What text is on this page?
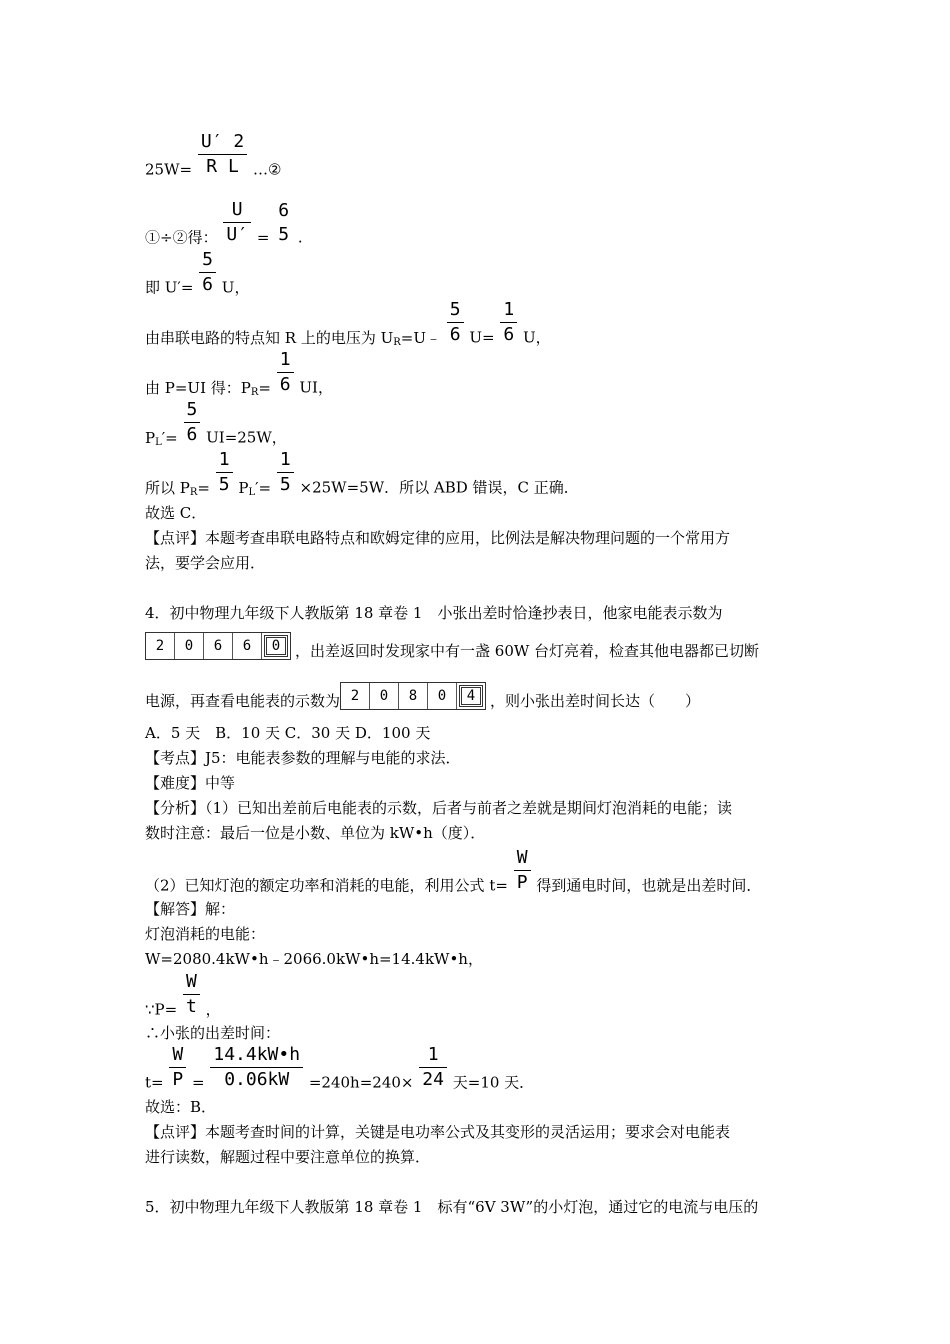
$25W= \frac{U' 2}{\text{R L}}$ …②
①÷②得： $\frac{U}{U'}$ =
6
5 .
即 $U'= \frac{5}{6}$ U，
由串联电路的特点知 R 上的电压为 $U_R=U﹣ \frac{5}{6} U= \frac{1}{6}$ U，
由 P=UI 得：$P_R= \frac{1}{6}$ UI，
$P_L'= \frac{5}{6} UI=25W$，
所以 $P_R= \frac{1}{5} P_L'= \frac{1}{5} \times 25W=5W$．所以 ABD 错误，C 正确．
故选 C．
【点评】本题考查串联电路特点和欧姆定律的应用，比例法是解决物理问题的一个常用方
法，要学会应用．
4．初中物理九年级下人教版第 18 章卷 1　小张出差时恰逢抄表日，他家电能表示数为
2 0 6 6 0 ，出差返回时发现家中有一盏 60W 台灯亮着，检查其他电器都已切断
电源，再查看电能表的示数为 2 0 8 0 4 ，则小张出差时间长达（　　）
A．5 天　B．10 天 C．30 天 D．100 天
【考点】J5：电能表参数的理解与电能的求法．
【难度】中等
【分析】（1）已知出差前后电能表的示数，后者与前者之差就是期间灯泡消耗的电能；读
数时注意：最后一位是小数、单位为 kW•h（度）．
（2）已知灯泡的额定功率和消耗的电能，利用公式 $t= \frac{W}{P}$ 得到通电时间，也就是出差时间．
【解答】解：
灯泡消耗的电能：
W=2080.4kW•h﹣2066.0kW•h=14.4kW•h，
∵P= $\frac{W}{t}$ ，
∴小张的出差时间：
$t= \frac{W}{P} = \frac{14.4kW•h}{0.06kW} =240h=240\times \frac{1}{24}$ 天=10 天．
故选：B．
【点评】本题考查时间的计算，关键是电功率公式及其变形的灵活运用；要求会对电能表
进行读数，解题过程中要注意单位的换算．
5．初中物理九年级下人教版第 18 章卷 1　标有“6V 3W”的小灯泡，通过它的电流与电压的
